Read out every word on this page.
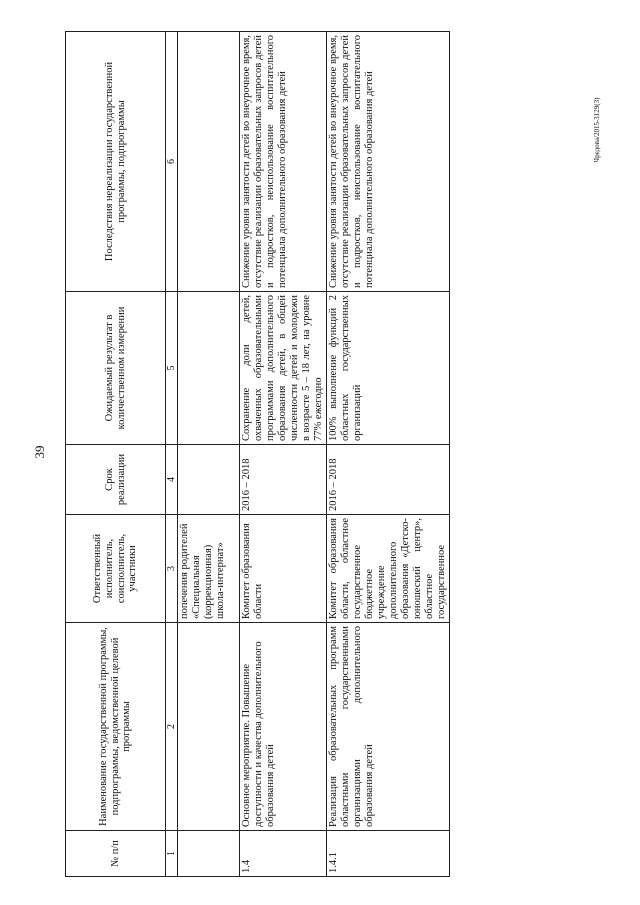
39
Чредова/2015-3129(3)
№ п/п	Наименование государственной программы, подпрограммы, ведомственной целевой программы	Ответственный исполнитель, соисполнитель, участники	Срок реализации	Ожидаемый результат в количественном измерении	Последствия нереализации государственной программы, подпрограммы
1	2	3	4	5	6
		попечения родителей «Специальная (коррекционная) школа-интернат»			
1.4	Основное мероприятие. Повышение доступности и качества дополнительного образования детей	Комитет образования области	2016 – 2018	Сохранение доли детей, охваченных образовательными программами дополнительного образования детей, в общей численности детей и молодежи в возрасте 5 – 18 лет, на уровне 77% ежегодно	Снижение уровня занятости детей во внеурочное время, отсутствие реализации образовательных запросов детей и подростков, неиспользование воспитательного потенциала дополнительного образования детей
1.4.1	Реализация образовательных программ областными государственными организациями дополнительного образования детей	Комитет образования области, областное государственное бюджетное учреждение дополнительного образования «Детско-юношеский центр», областное государственное	2016 – 2018	100% выполнение функций 2 областных государственных организаций	Снижение уровня занятости детей во внеурочное время, отсутствие реализации образовательных запросов детей и подростков, неиспользование воспитательного потенциала дополнительного образования детей
